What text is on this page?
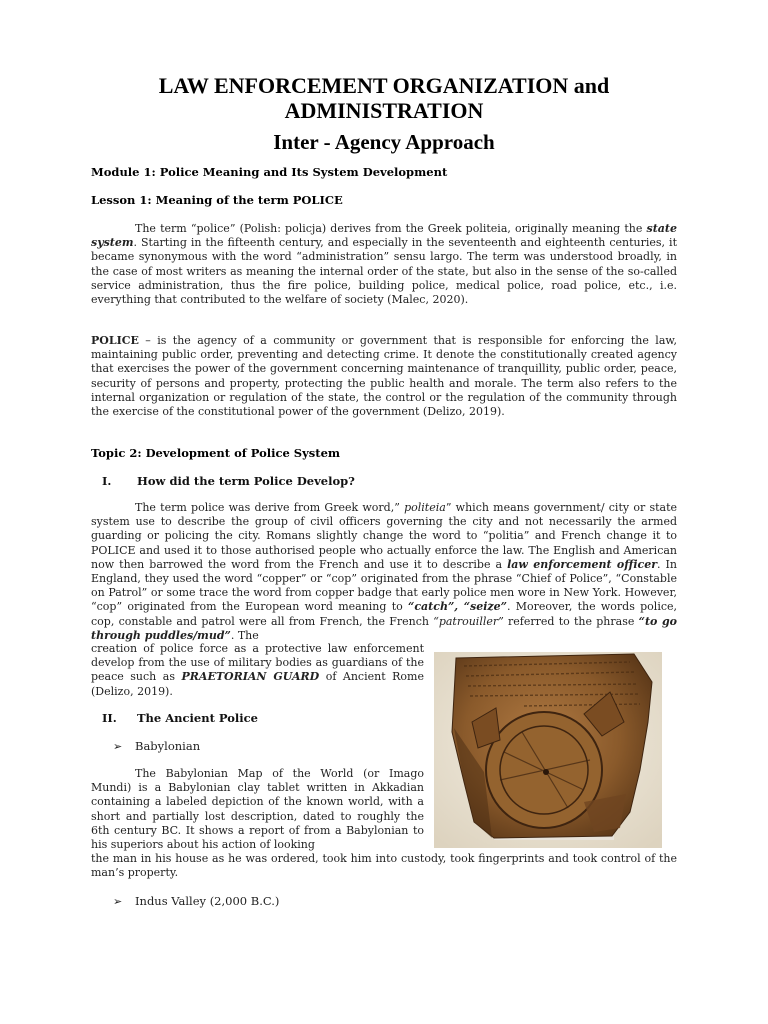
LAW ENFORCEMENT ORGANIZATION and
ADMINISTRATION
Inter - Agency Approach
Module 1: Police Meaning and Its System Development
Lesson 1: Meaning of the term POLICE
The term “police” (Polish: policja) derives from the Greek politeia, originally meaning the state system. Starting in the fifteenth century, and especially in the seventeenth and eighteenth centuries, it became synonymous with the word “administration” sensu largo. The term was understood broadly, in the case of most writers as meaning the internal order of the state, but also in the sense of the so-called service administration, thus the fire police, building police, medical police, road police, etc., i.e. everything that contributed to the welfare of society (Malec, 2020).
POLICE – is the agency of a community or government that is responsible for enforcing the law, maintaining public order, preventing and detecting crime. It denote the constitutionally created agency that exercises the power of the government concerning maintenance of tranquillity, public order, peace, security of persons and property, protecting the public health and morale. The term also refers to the internal organization or regulation of the state, the control or the regulation of the community through the exercise of the constitutional power of the government (Delizo, 2019).
Topic 2: Development of Police System
I. How did the term Police Develop?
The term police was derive from Greek word,” politeia” which means government/ city or state system use to describe the group of civil officers governing the city and not necessarily the armed guarding or policing the city. Romans slightly change the word to “politia” and French change it to POLICE and used it to those authorised people who actually enforce the law. The English and American now then barrowed the word from the French and use it to describe a law enforcement officer. In England, they used the word “copper” or “cop” originated from the phrase “Chief of Police”, “Constable on Patrol” or some trace the word from copper badge that early police men wore in New York. However, “cop” originated from the European word meaning to “catch”, “seize”. Moreover, the words police, cop, constable and patrol were all from French, the French “patrouiller” referred to the phrase “to go through puddles/mud”. The
creation of police force as a protective law enforcement develop from the use of military bodies as guardians of the peace such as PRAETORIAN GUARD of Ancient Rome (Delizo, 2019).
II. The Ancient Police
➢ Babylonian
The Babylonian Map of the World (or Imago Mundi) is a Babylonian clay tablet written in Akkadian containing a labeled depiction of the known world, with a short and partially lost description, dated to roughly the 6th century BC. It shows a report of from a Babylonian to his superiors about his action of looking
the man in his house as he was ordered, took him into custody, took fingerprints and took control of the man’s property.
➢ Indus Valley (2,000 B.C.)
